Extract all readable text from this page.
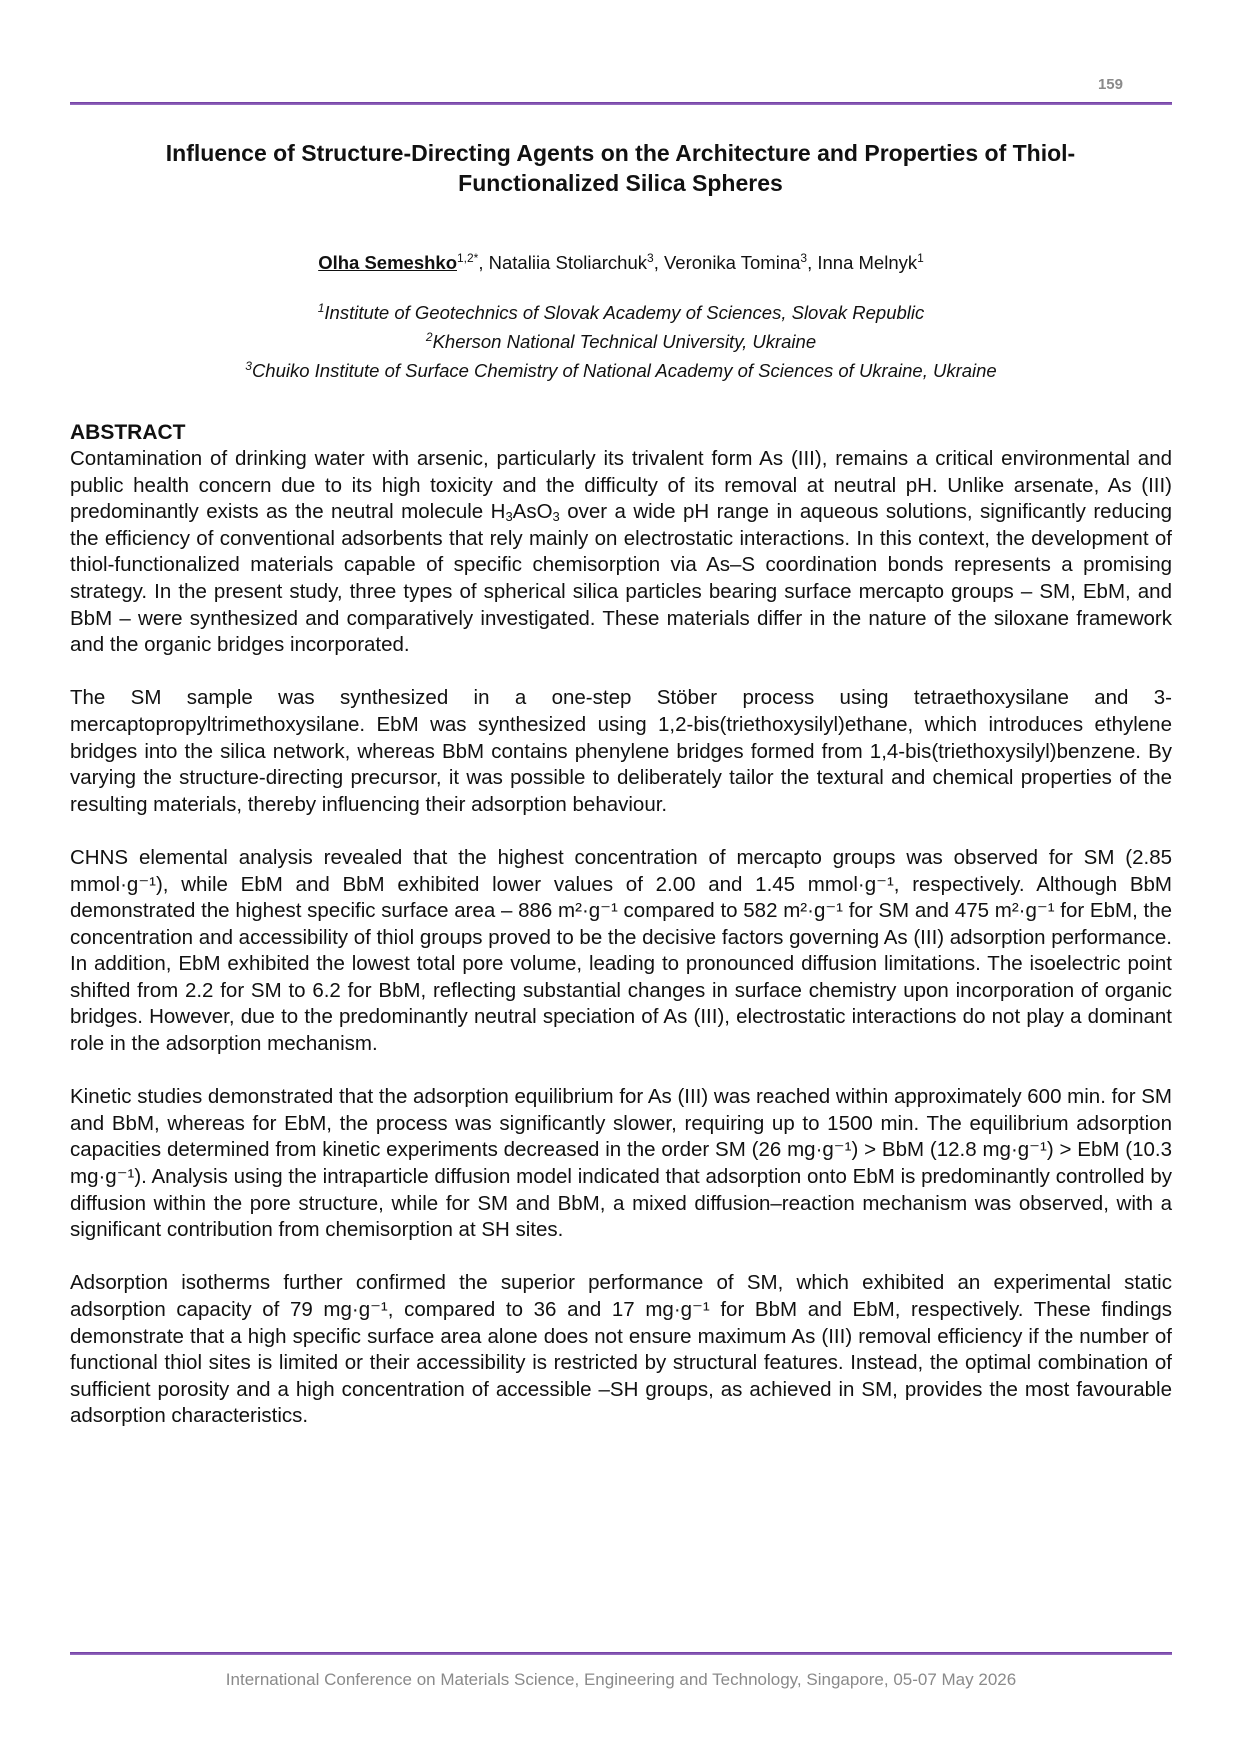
159
Influence of Structure-Directing Agents on the Architecture and Properties of Thiol-Functionalized Silica Spheres
Olha Semeshko$^{1,2*}$, Nataliia Stoliarchuk$^3$, Veronika Tomina$^3$, Inna Melnyk$^1$
$^1$Institute of Geotechnics of Slovak Academy of Sciences, Slovak Republic
$^2$Kherson National Technical University, Ukraine
$^3$Chuiko Institute of Surface Chemistry of National Academy of Sciences of Ukraine, Ukraine
ABSTRACT

Contamination of drinking water with arsenic, particularly its trivalent form As (III), remains a critical environmental and public health concern due to its high toxicity and the difficulty of its removal at neutral pH. Unlike arsenate, As (III) predominantly exists as the neutral molecule $H_3AsO_3$ over a wide pH range in aqueous solutions, significantly reducing the efficiency of conventional adsorbents that rely mainly on electrostatic interactions. In this context, the development of thiol-functionalized materials capable of specific chemisorption via As–S coordination bonds represents a promising strategy. In the present study, three types of spherical silica particles bearing surface mercapto groups – SM, EbM, and BbM – were synthesized and comparatively investigated. These materials differ in the nature of the siloxane framework and the organic bridges incorporated.

The SM sample was synthesized in a one-step Stöber process using tetraethoxysilane and 3-mercaptopropyltrimethoxysilane. EbM was synthesized using 1,2-bis(triethoxysilyl)ethane, which introduces ethylene bridges into the silica network, whereas BbM contains phenylene bridges formed from 1,4-bis(triethoxysilyl)benzene. By varying the structure-directing precursor, it was possible to deliberately tailor the textural and chemical properties of the resulting materials, thereby influencing their adsorption behaviour.

CHNS elemental analysis revealed that the highest concentration of mercapto groups was observed for SM (2.85 mmol·g⁻¹), while EbM and BbM exhibited lower values of 2.00 and 1.45 mmol·g⁻¹, respectively. Although BbM demonstrated the highest specific surface area – 886 m²·g⁻¹ compared to 582 m²·g⁻¹ for SM and 475 m²·g⁻¹ for EbM, the concentration and accessibility of thiol groups proved to be the decisive factors governing As (III) adsorption performance. In addition, EbM exhibited the lowest total pore volume, leading to pronounced diffusion limitations. The isoelectric point shifted from 2.2 for SM to 6.2 for BbM, reflecting substantial changes in surface chemistry upon incorporation of organic bridges. However, due to the predominantly neutral speciation of As (III), electrostatic interactions do not play a dominant role in the adsorption mechanism.

Kinetic studies demonstrated that the adsorption equilibrium for As (III) was reached within approximately 600 min. for SM and BbM, whereas for EbM, the process was significantly slower, requiring up to 1500 min. The equilibrium adsorption capacities determined from kinetic experiments decreased in the order SM (26 mg·g⁻¹) > BbM (12.8 mg·g⁻¹) > EbM (10.3 mg·g⁻¹). Analysis using the intraparticle diffusion model indicated that adsorption onto EbM is predominantly controlled by diffusion within the pore structure, while for SM and BbM, a mixed diffusion–reaction mechanism was observed, with a significant contribution from chemisorption at SH sites.

Adsorption isotherms further confirmed the superior performance of SM, which exhibited an experimental static adsorption capacity of 79 mg·g⁻¹, compared to 36 and 17 mg·g⁻¹ for BbM and EbM, respectively. These findings demonstrate that a high specific surface area alone does not ensure maximum As (III) removal efficiency if the number of functional thiol sites is limited or their accessibility is restricted by structural features. Instead, the optimal combination of sufficient porosity and a high concentration of accessible –SH groups, as achieved in SM, provides the most favourable adsorption characteristics.

International Conference on Materials Science, Engineering and Technology, Singapore, 05-07 May 2026
